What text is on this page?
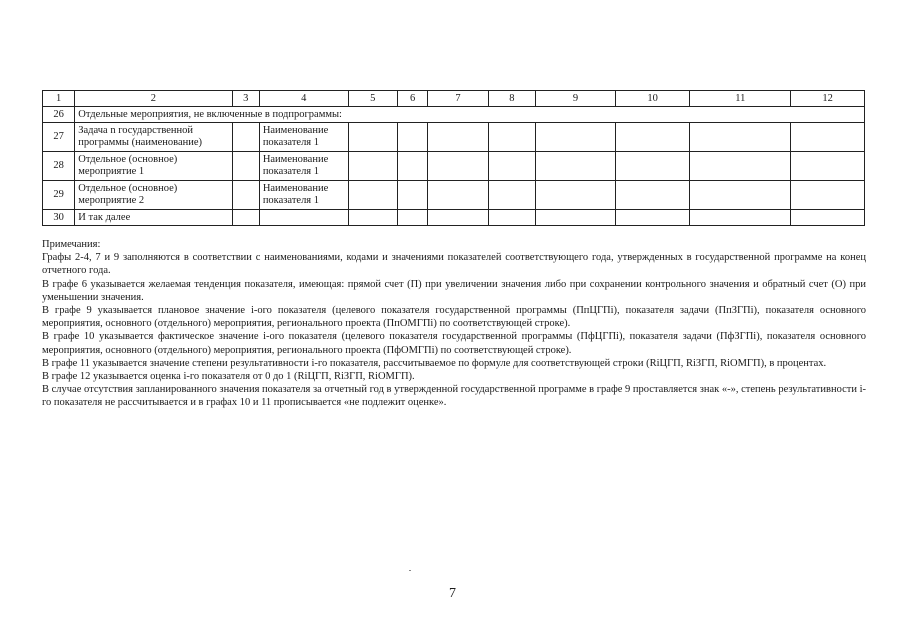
1	2	3	4	5	6	7	8	9	10	11	12
26	Отдельные мероприятия, не включенные в подпрограммы:										
27	Задача n государственной программы (наименование)		Наименование показателя 1								
28	Отдельное (основное) мероприятие 1		Наименование показателя 1								
29	Отдельное (основное) мероприятие 2		Наименование показателя 1								
30	И так далее										

Примечания:

Графы 2-4, 7 и 9 заполняются в соответствии с наименованиями, кодами и значениями показателей соответствующего года, утвержденных в государственной программе на конец отчетного года.

В графе 6 указывается желаемая тенденция показателя, имеющая: прямой счет (П) при увеличении значения либо при сохранении контрольного значения и обратный счет (О) при уменьшении значения.

В графе 9 указывается плановое значение i-ого показателя (целевого показателя государственной программы (ПпЦГПi), показателя задачи (ПпЗГПi), показателя основного мероприятия, основного (отдельного) мероприятия, регионального проекта (ПпОМГПi) по соответствующей строке).

В графе 10 указывается фактическое значение i-ого показателя (целевого показателя государственной программы (ПфЦГПi), показателя задачи (ПфЗГПi), показателя основного мероприятия, основного (отдельного) мероприятия, регионального проекта (ПфОМГПi) по соответствующей строке).

В графе 11 указывается значение степени результативности i-го показателя, рассчитываемое по формуле для соответствующей строки (RiЦГП, RiЗГП, RiОМГП), в процентах.

В графе 12 указывается оценка i-го показателя от 0 до 1 (RiЦГП, RiЗГП, RiОМГП).

В случае отсутствия запланированного значения показателя за отчетный год в утвержденной государственной программе в графе 9 проставляется знак «-», степень результативности i-го показателя не рассчитывается и в графах 10 и 11 прописывается «не подлежит оценке».

7
